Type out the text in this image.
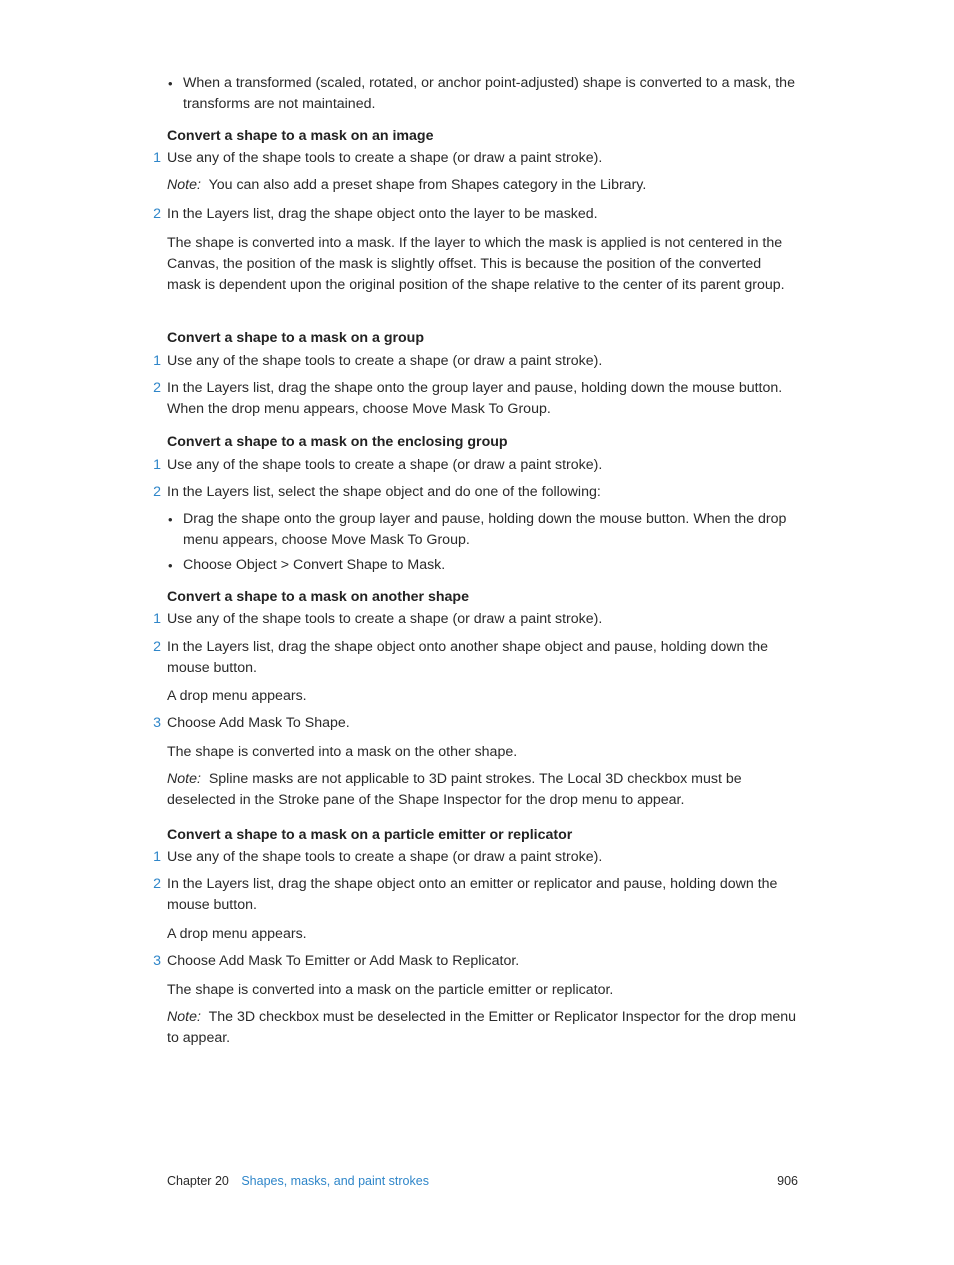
• When a transformed (scaled, rotated, or anchor point-adjusted) shape is converted to a mask, the transforms are not maintained.

Convert a shape to a mask on an image

1 Use any of the shape tools to create a shape (or draw a paint stroke).

Note: You can also add a preset shape from Shapes category in the Library.

2 In the Layers list, drag the shape object onto the layer to be masked.

The shape is converted into a mask. If the layer to which the mask is applied is not centered in the Canvas, the position of the mask is slightly offset. This is because the position of the converted mask is dependent upon the original position of the shape relative to the center of its parent group.

Convert a shape to a mask on a group

1 Use any of the shape tools to create a shape (or draw a paint stroke).

2 In the Layers list, drag the shape onto the group layer and pause, holding down the mouse button. When the drop menu appears, choose Move Mask To Group.

Convert a shape to a mask on the enclosing group

1 Use any of the shape tools to create a shape (or draw a paint stroke).

2 In the Layers list, select the shape object and do one of the following:

• Drag the shape onto the group layer and pause, holding down the mouse button. When the drop menu appears, choose Move Mask To Group.

• Choose Object > Convert Shape to Mask.

Convert a shape to a mask on another shape

1 Use any of the shape tools to create a shape (or draw a paint stroke).

2 In the Layers list, drag the shape object onto another shape object and pause, holding down the mouse button.

A drop menu appears.

3 Choose Add Mask To Shape.

The shape is converted into a mask on the other shape.

Note: Spline masks are not applicable to 3D paint strokes. The Local 3D checkbox must be deselected in the Stroke pane of the Shape Inspector for the drop menu to appear.

Convert a shape to a mask on a particle emitter or replicator

1 Use any of the shape tools to create a shape (or draw a paint stroke).

2 In the Layers list, drag the shape object onto an emitter or replicator and pause, holding down the mouse button.

A drop menu appears.

3 Choose Add Mask To Emitter or Add Mask to Replicator.

The shape is converted into a mask on the particle emitter or replicator.

Note: The 3D checkbox must be deselected in the Emitter or Replicator Inspector for the drop menu to appear.

Chapter 20 Shapes, masks, and paint strokes	906
